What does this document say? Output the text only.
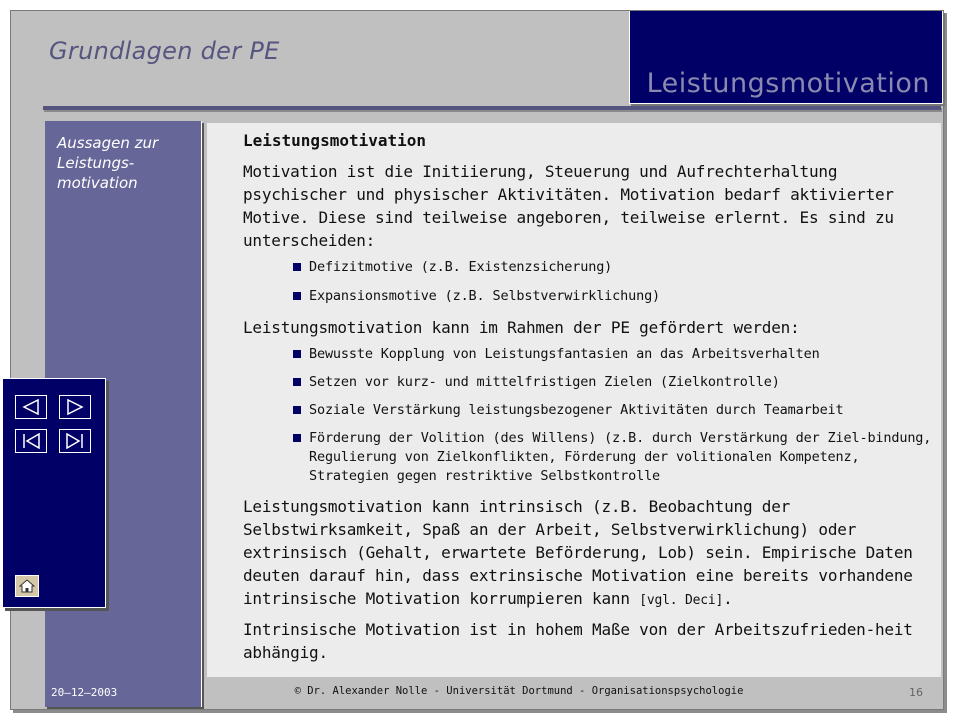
Grundlagen der PE
Leistungsmotivation
Aussagen zur Leistungs-motivation
Leistungsmotivation

Motivation ist die Initiierung, Steuerung und Aufrechterhaltung psychischer und physischer Aktivitäten. Motivation bedarf aktivierter Motive. Diese sind teilweise angeboren, teilweise erlernt. Es sind zu unterscheiden:

Defizitmotive (z.B. Existenzsicherung)
Expansionsmotive (z.B. Selbstverwirklichung)

Leistungsmotivation kann im Rahmen der PE gefördert werden:

Bewusste Kopplung von Leistungsfantasien an das Arbeitsverhalten
Setzen vor kurz- und mittelfristigen Zielen (Zielkontrolle)
Soziale Verstärkung leistungsbezogener Aktivitäten durch Teamarbeit
Förderung der Volition (des Willens) (z.B. durch Verstärkung der Ziel-bindung, Regulierung von Zielkonflikten, Förderung der volitionalen Kompetenz, Strategien gegen restriktive Selbstkontrolle

Leistungsmotivation kann intrinsisch (z.B. Beobachtung der Selbstwirksamkeit, Spaß an der Arbeit, Selbstverwirklichung) oder extrinsisch (Gehalt, erwartete Beförderung, Lob) sein. Empirische Daten deuten darauf hin, dass extrinsische Motivation eine bereits vorhandene intrinsische Motivation korrumpieren kann [vgl. Deci].

Intrinsische Motivation ist in hohem Maße von der Arbeitszufrieden-heit abhängig.

20–12–2003	© Dr. Alexander Nolle - Universität Dortmund - Organisationspsychologie	16
